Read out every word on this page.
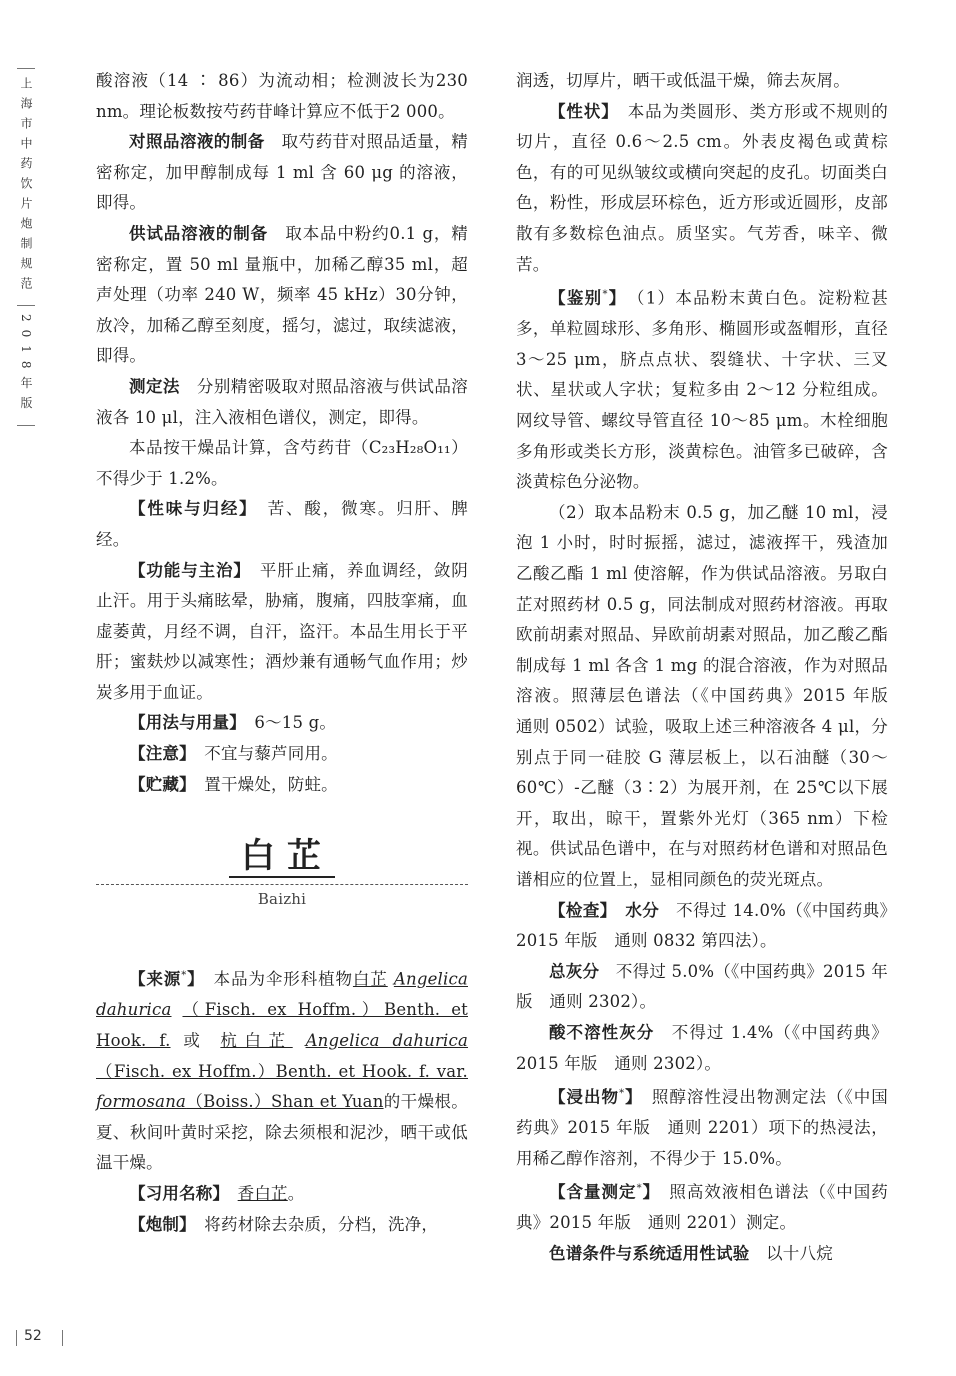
上海市中药饮片炮制规范
2018年版

酸溶液（14 ∶ 86）为流动相；检测波长为230 nm。理论板数按芍药苷峰计算应不低于2 000。

对照品溶液的制备　取芍药苷对照品适量，精密称定，加甲醇制成每 1 ml 含 60 μg 的溶液，即得。

供试品溶液的制备　取本品中粉约0.1 g，精密称定，置 50 ml 量瓶中，加稀乙醇35 ml，超声处理（功率 240 W，频率 45 kHz）30分钟，放冷，加稀乙醇至刻度，摇匀，滤过，取续滤液，即得。

测定法　分别精密吸取对照品溶液与供试品溶液各 10 μl，注入液相色谱仪，测定，即得。

本品按干燥品计算，含芍药苷（C₂₃H₂₈O₁₁）不得少于 1.2%。

【性味与归经】　苦、酸，微寒。归肝、脾经。

【功能与主治】　平肝止痛，养血调经，敛阴止汗。用于头痛眩晕，胁痛，腹痛，四肢挛痛，血虚萎黄，月经不调，自汗，盗汗。本品生用长于平肝；蜜麸炒以减寒性；酒炒兼有通畅气血作用；炒炭多用于血证。

【用法与用量】　6～15 g。

【注意】　不宜与藜芦同用。

【贮藏】　置干燥处，防蛀。

白芷
Baizhi

【来源*】　本品为伞形科植物白芷 Angelica dahurica （Fisch. ex Hoffm.）Benth. et Hook. f. 或 杭白芷 Angelica dahurica （Fisch. ex Hoffm.）Benth. et Hook. f. var. formosana（Boiss.）Shan et Yuan的干燥根。夏、秋间叶黄时采挖，除去须根和泥沙，晒干或低温干燥。

【习用名称】　 香白芷。

【炮制】　将药材除去杂质，分档，洗净，

润透，切厚片，晒干或低温干燥，筛去灰屑。

【性状】　本品为类圆形、类方形或不规则的切片，直径 0.6～2.5 cm。外表皮褐色或黄棕色，有的可见纵皱纹或横向突起的皮孔。切面类白色，粉性，形成层环棕色，近方形或近圆形，皮部散有多数棕色油点。质坚实。气芳香，味辛、微苦。

【鉴别*】　（1）本品粉末黄白色。淀粉粒甚多，单粒圆球形、多角形、椭圆形或盔帽形，直径 3～25 μm，脐点点状、裂缝状、十字状、三叉状、星状或人字状；复粒多由 2～12 分粒组成。网纹导管、螺纹导管直径 10～85 μm。木栓细胞多角形或类长方形，淡黄棕色。油管多已破碎，含淡黄棕色分泌物。

（2）取本品粉末 0.5 g，加乙醚 10 ml，浸泡 1 小时，时时振摇，滤过，滤液挥干，残渣加乙酸乙酯 1 ml 使溶解，作为供试品溶液。另取白芷对照药材 0.5 g，同法制成对照药材溶液。再取欧前胡素对照品、异欧前胡素对照品，加乙酸乙酯制成每 1 ml 各含 1 mg 的混合溶液，作为对照品溶液。照薄层色谱法（《中国药典》2015 年版　通则 0502）试验，吸取上述三种溶液各 4 μl，分别点于同一硅胶 G 薄层板上，以石油醚（30～60℃）-乙醚（3∶2）为展开剂，在 25℃以下展开，取出，晾干，置紫外光灯（365 nm）下检视。供试品色谱中，在与对照药材色谱和对照品色谱相应的位置上，显相同颜色的荧光斑点。

【检查】　水分　不得过 14.0%（《中国药典》2015 年版　通则 0832 第四法）。

总灰分　不得过 5.0%（《中国药典》2015 年版　通则 2302）。

酸不溶性灰分　不得过 1.4%（《中国药典》2015 年版　通则 2302）。

【浸出物*】　照醇溶性浸出物测定法（《中国药典》2015 年版　通则 2201）项下的热浸法，用稀乙醇作溶剂，不得少于 15.0%。

【含量测定*】　照高效液相色谱法（《中国药典》2015 年版　通则 2201）测定。

色谱条件与系统适用性试验　以十八烷

52
